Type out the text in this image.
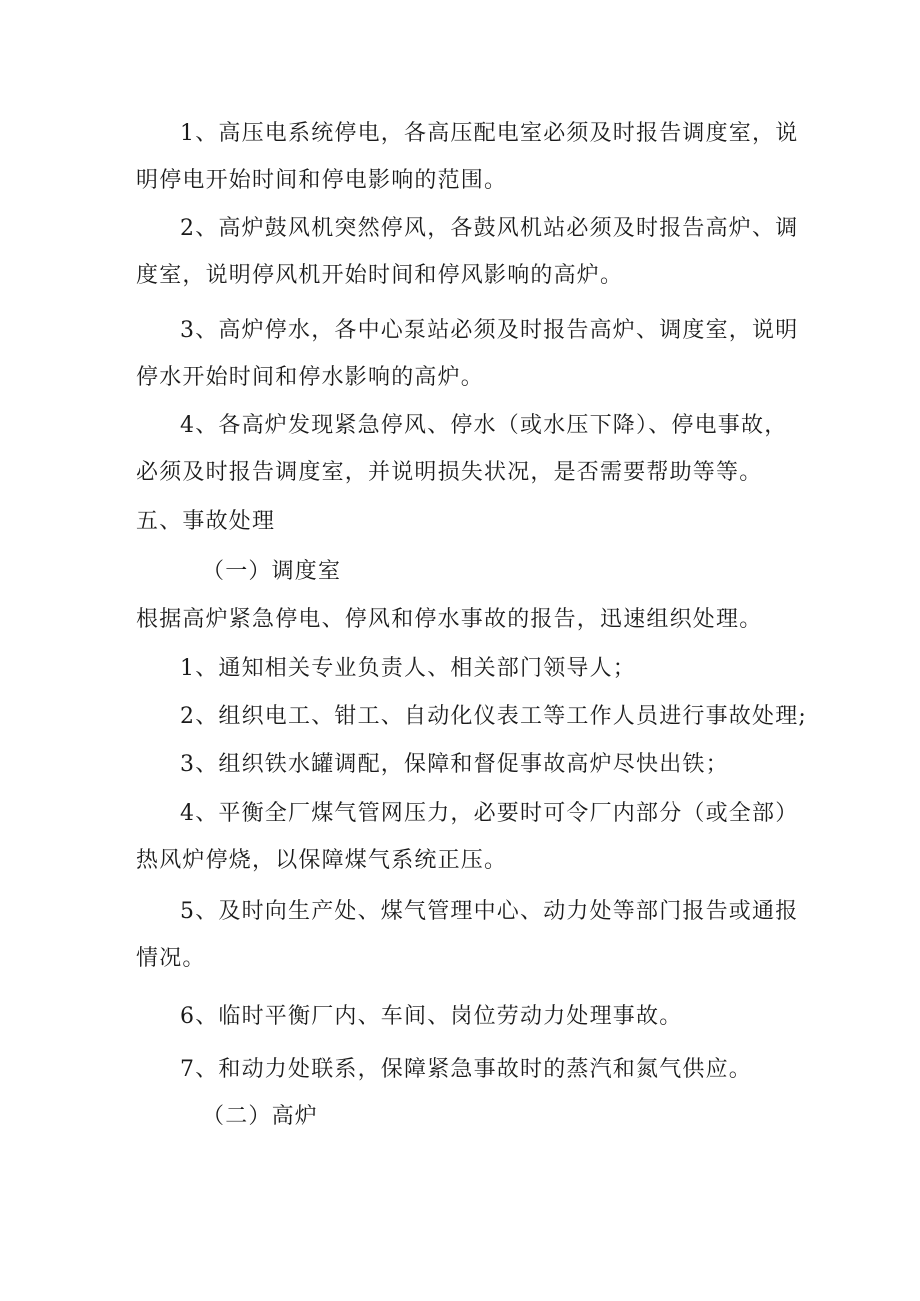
1、高压电系统停电，各高压配电室必须及时报告调度室，说
明停电开始时间和停电影响的范围。

2、高炉鼓风机突然停风，各鼓风机站必须及时报告高炉、调
度室，说明停风机开始时间和停风影响的高炉。

3、高炉停水，各中心泵站必须及时报告高炉、调度室，说明
停水开始时间和停水影响的高炉。

4、各高炉发现紧急停风、停水（或水压下降）、停电事故，
必须及时报告调度室，并说明损失状况，是否需要帮助等等。

五、事故处理

（一）调度室

根据高炉紧急停电、停风和停水事故的报告，迅速组织处理。

1、通知相关专业负责人、相关部门领导人；

2、组织电工、钳工、自动化仪表工等工作人员进行事故处理;

3、组织铁水罐调配，保障和督促事故高炉尽快出铁；

4、平衡全厂煤气管网压力，必要时可令厂内部分（或全部）
热风炉停烧，以保障煤气系统正压。

5、及时向生产处、煤气管理中心、动力处等部门报告或通报
情况。

6、临时平衡厂内、车间、岗位劳动力处理事故。

7、和动力处联系，保障紧急事故时的蒸汽和氮气供应。

（二）高炉
